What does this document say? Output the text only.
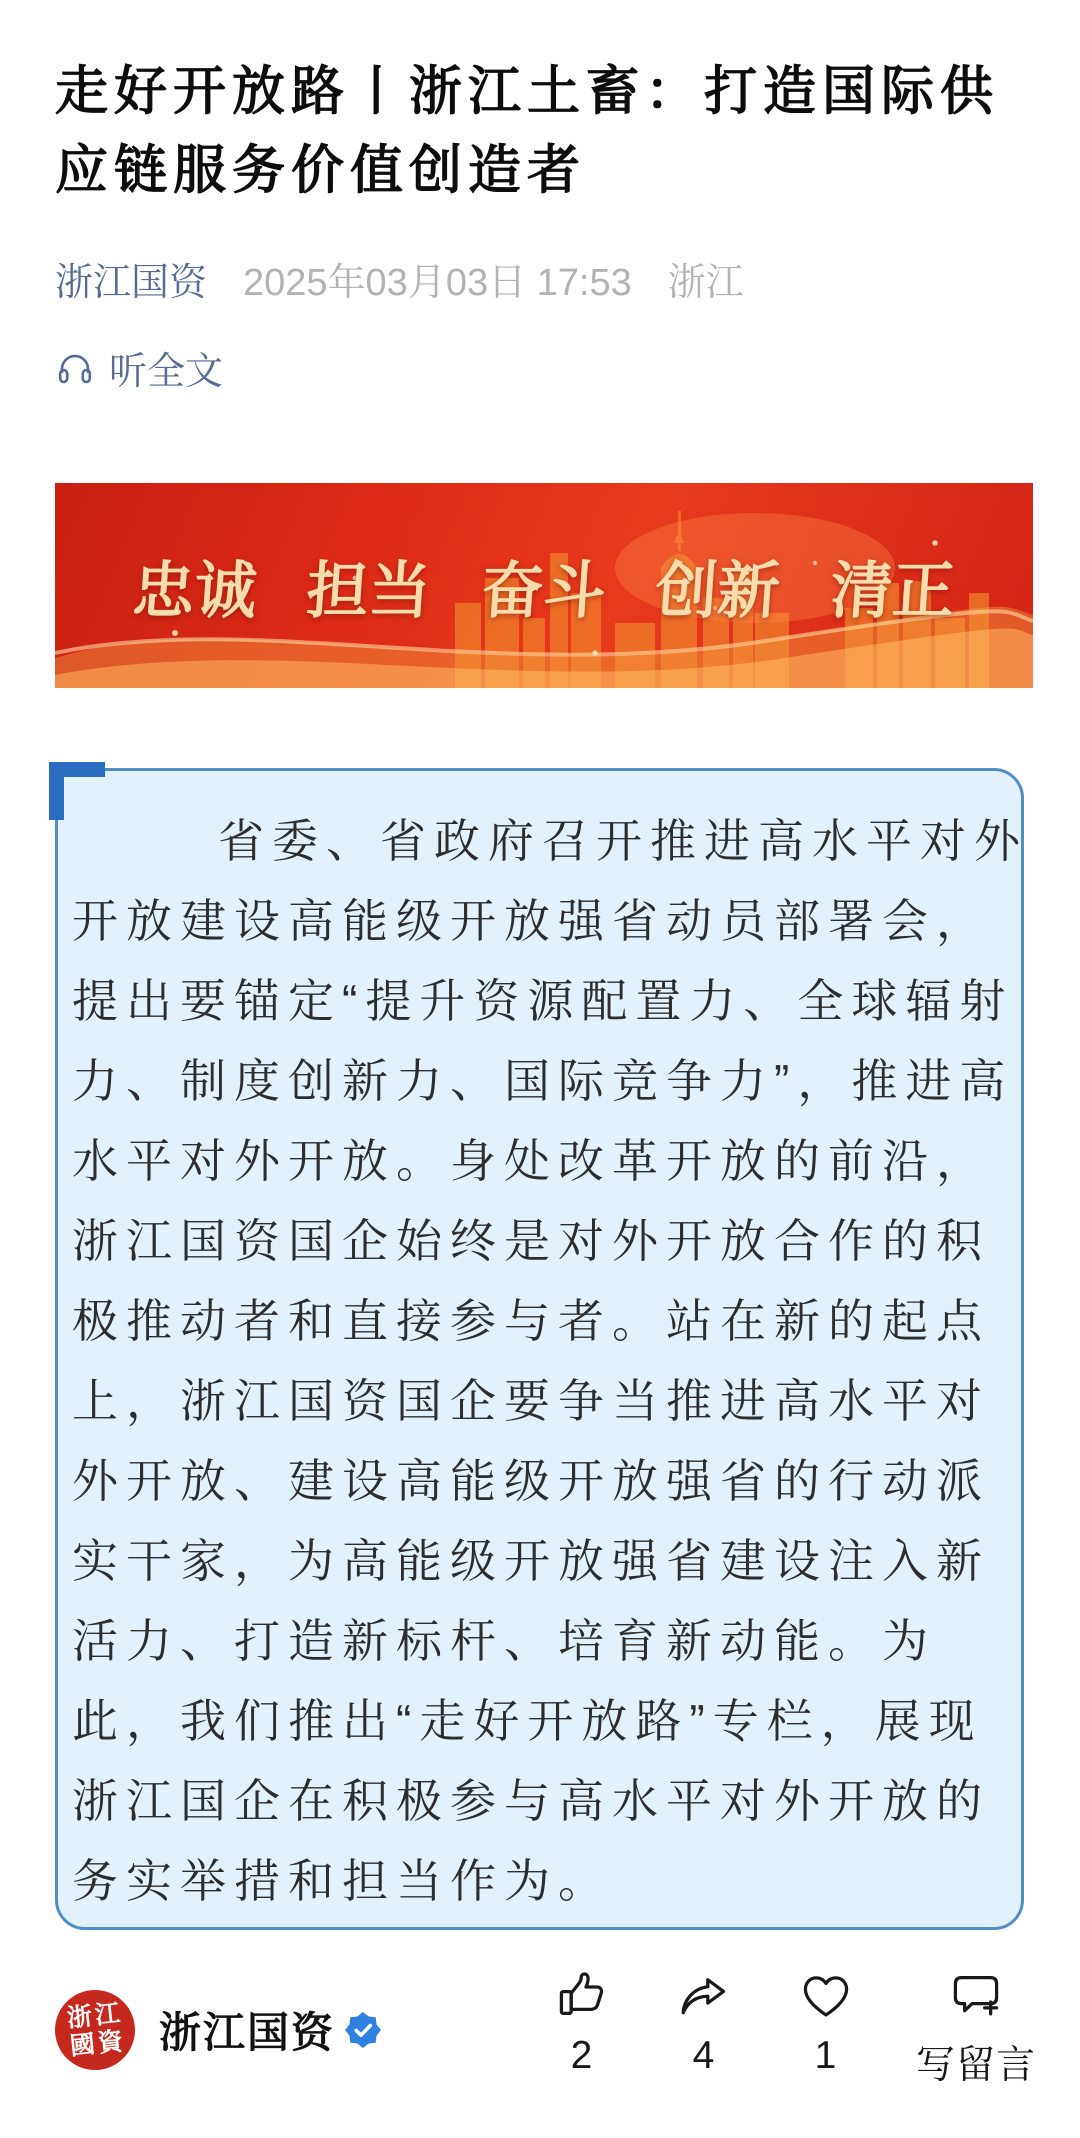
走好开放路丨浙江土畜：打造国际供应链服务价值创造者
浙江国资 2025年03月03日 17:53 浙江
听全文
忠诚 担当 奋斗 创新 清正
省委、省政府召开推进高水平对外
开放建设高能级开放强省动员部署会，
提出要锚定“提升资源配置力、全球辐射
力、制度创新力、国际竞争力”，推进高
水平对外开放。身处改革开放的前沿，
浙江国资国企始终是对外开放合作的积
极推动者和直接参与者。站在新的起点
上，浙江国资国企要争当推进高水平对
外开放、建设高能级开放强省的行动派
实干家，为高能级开放强省建设注入新
活力、打造新标杆、培育新动能。为
此，我们推出“走好开放路”专栏，展现
浙江国企在积极参与高水平对外开放的
务实举措和担当作为。
浙 江
國 資 浙江国资	2	4	1 写留言
